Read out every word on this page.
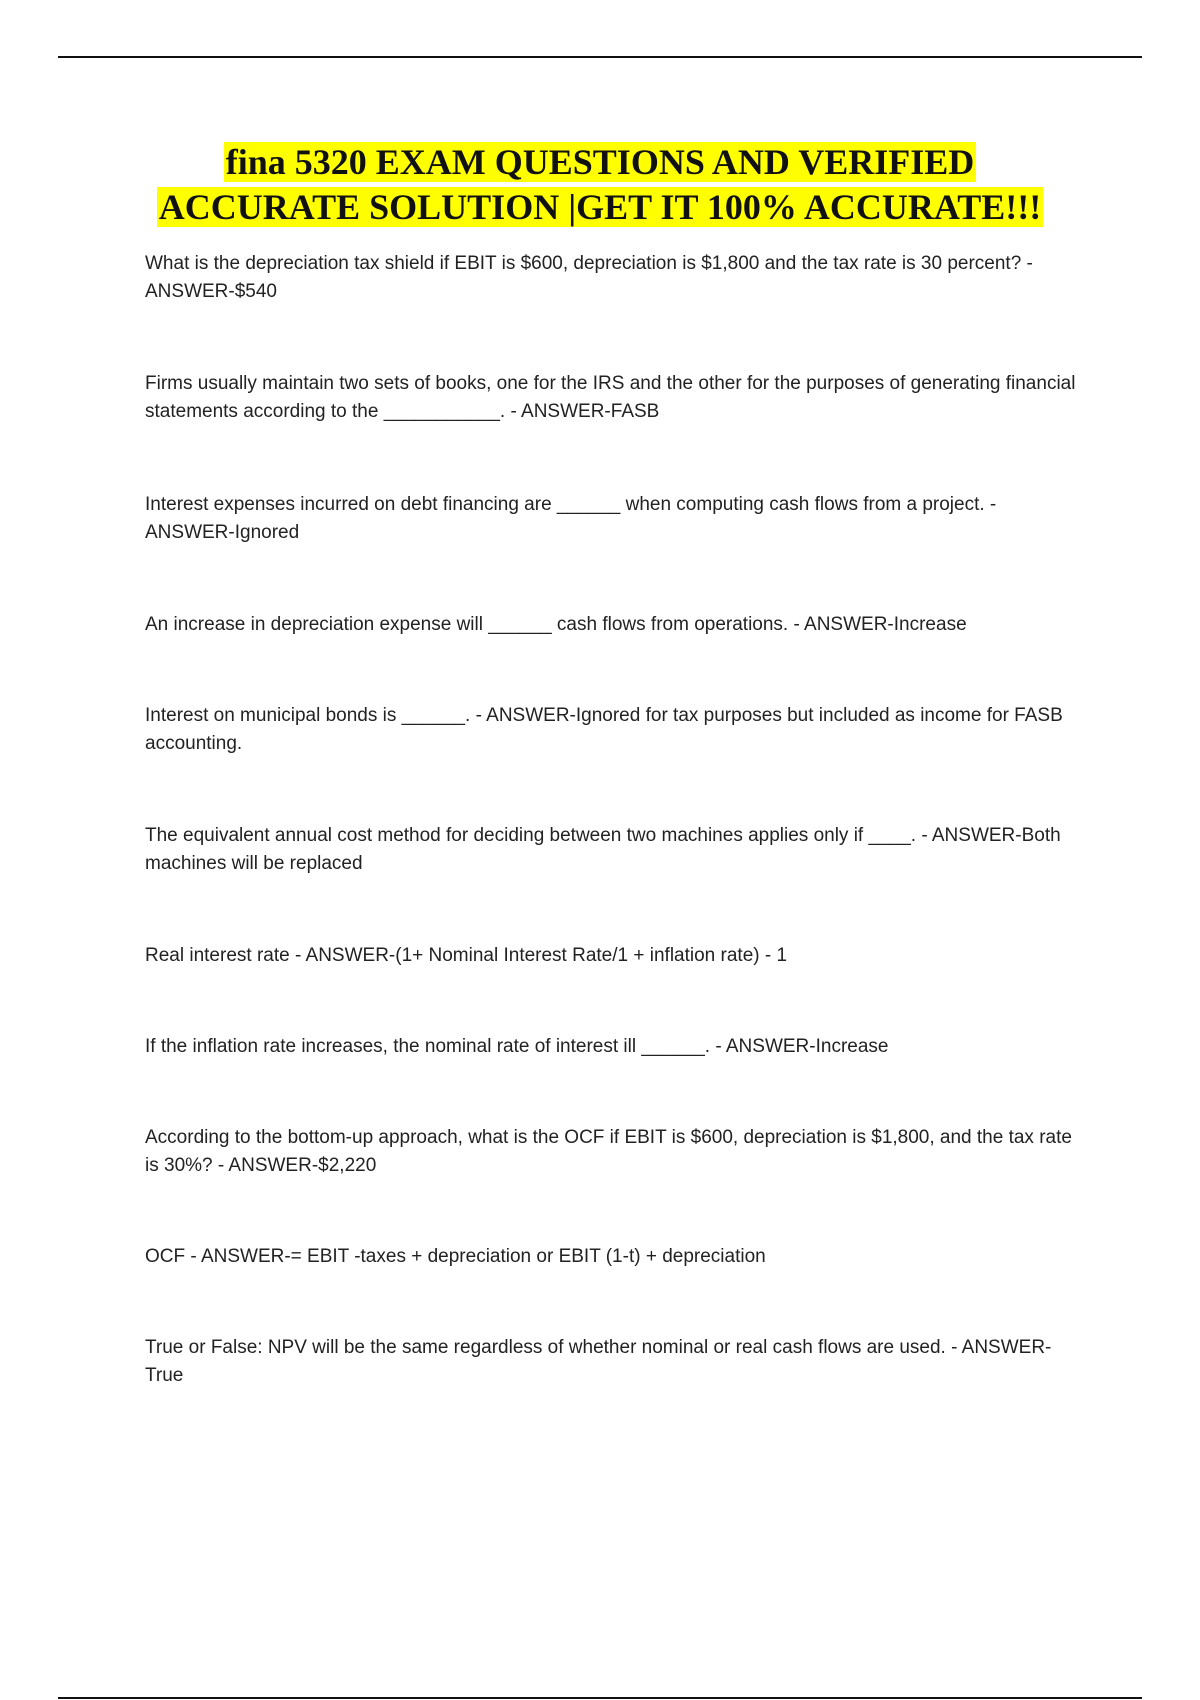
fina 5320 EXAM QUESTIONS AND VERIFIED
ACCURATE SOLUTION |GET IT 100% ACCURATE!!!
What is the depreciation tax shield if EBIT is $600, depreciation is $1,800 and the tax rate is 30 percent? - ANSWER-$540
Firms usually maintain two sets of books, one for the IRS and the other for the purposes of generating financial statements according to the ___________. - ANSWER-FASB
Interest expenses incurred on debt financing are ______ when computing cash flows from a project. - ANSWER-Ignored
An increase in depreciation expense will ______ cash flows from operations. - ANSWER-Increase
Interest on municipal bonds is ______. - ANSWER-Ignored for tax purposes but included as income for FASB accounting.
The equivalent annual cost method for deciding between two machines applies only if ____. - ANSWER-Both machines will be replaced
Real interest rate - ANSWER-(1+ Nominal Interest Rate/1 + inflation rate) - 1
If the inflation rate increases, the nominal rate of interest ill ______. - ANSWER-Increase
According to the bottom-up approach, what is the OCF if EBIT is $600, depreciation is $1,800, and the tax rate is 30%? - ANSWER-$2,220
OCF - ANSWER-= EBIT -taxes + depreciation or EBIT (1-t) + depreciation
True or False: NPV will be the same regardless of whether nominal or real cash flows are used. - ANSWER-True
